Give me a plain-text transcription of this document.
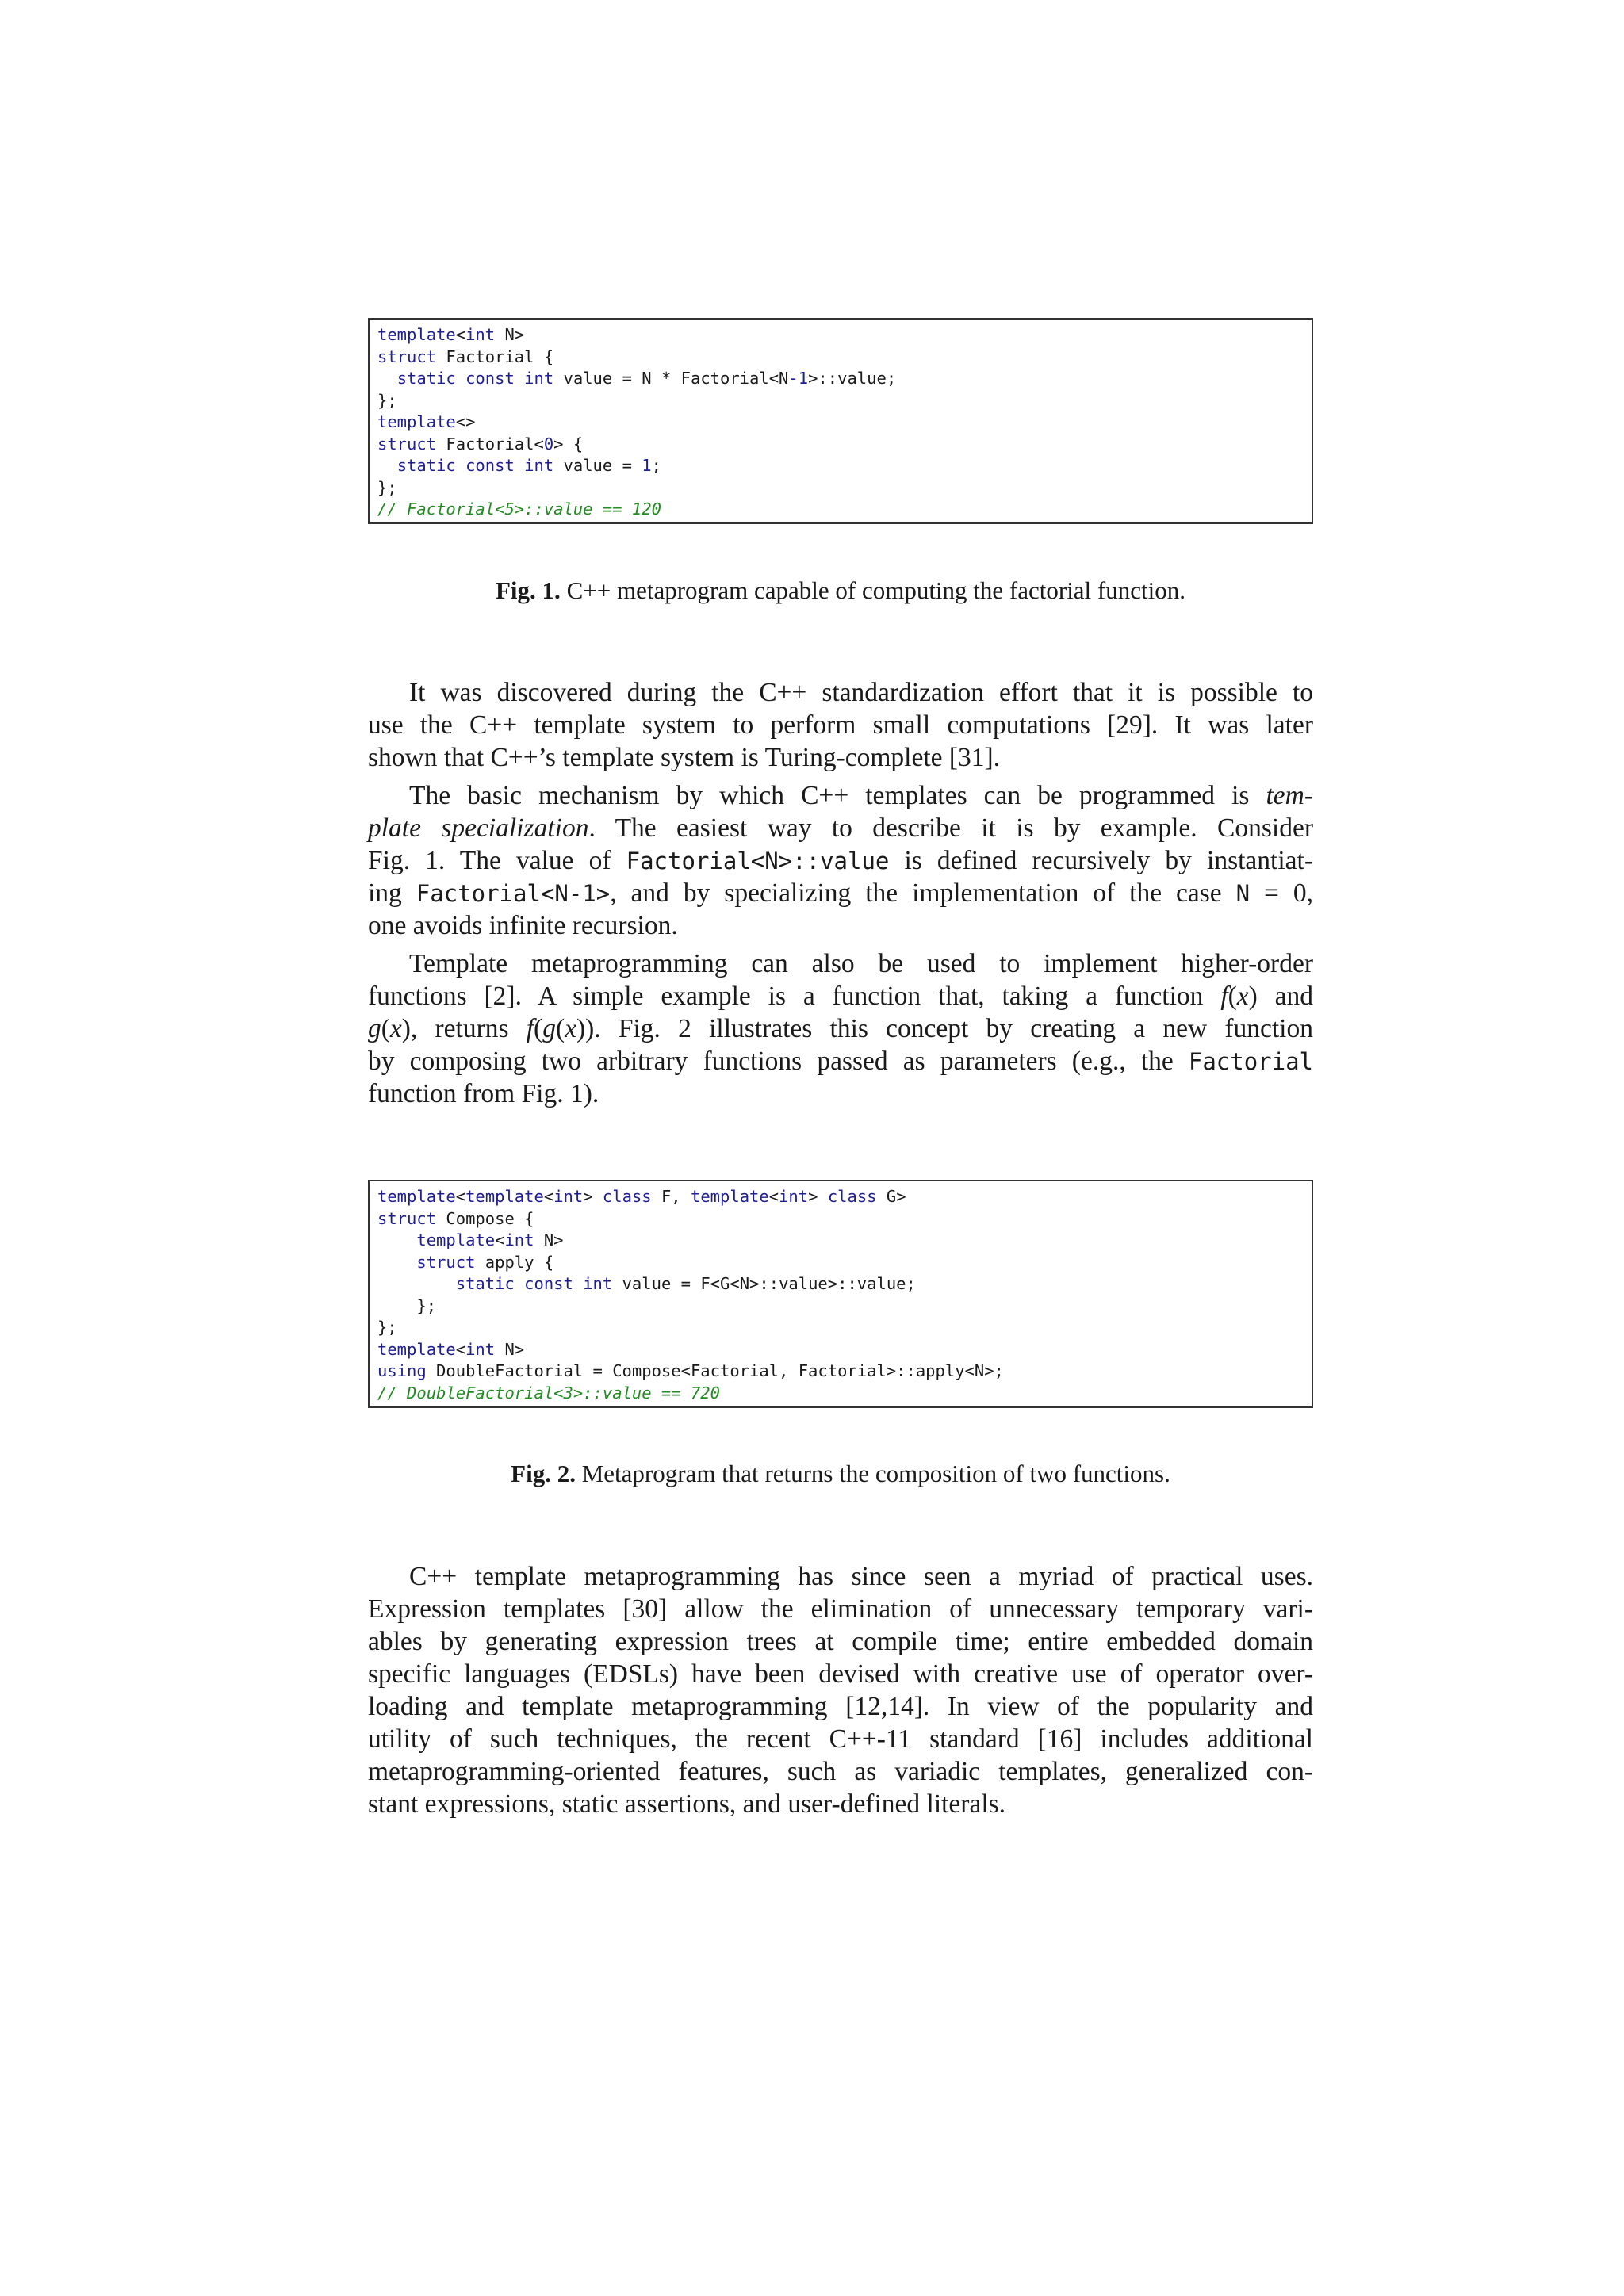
template<int N>
struct Factorial {
static const int value = N * Factorial<N-1>::value;
};
template<>
struct Factorial<0> {
static const int value = 1;
};
// Factorial<5>::value == 120
Fig. 1. C++ metaprogram capable of computing the factorial function.
It was discovered during the C++ standardization effort that it is possible to
use the C++ template system to perform small computations [29]. It was later
shown that C++’s template system is Turing-complete [31].
The basic mechanism by which C++ templates can be programmed is tem-
plate specialization. The easiest way to describe it is by example. Consider
Fig. 1. The value of Factorial<N>::value is defined recursively by instantiat-
ing Factorial<N-1>, and by specializing the implementation of the case N = 0,
one avoids infinite recursion.
Template metaprogramming can also be used to implement higher-order
functions [2]. A simple example is a function that, taking a function f(x) and
g(x), returns f(g(x)). Fig. 2 illustrates this concept by creating a new function
by composing two arbitrary functions passed as parameters (e.g., the Factorial
function from Fig. 1).
template<template<int> class F, template<int> class G>
struct Compose {
template<int N>
struct apply {
static const int value = F<G<N>::value>::value;
};
};
template<int N>
using DoubleFactorial = Compose<Factorial, Factorial>::apply<N>;
// DoubleFactorial<3>::value == 720
Fig. 2. Metaprogram that returns the composition of two functions.
C++ template metaprogramming has since seen a myriad of practical uses.
Expression templates [30] allow the elimination of unnecessary temporary vari-
ables by generating expression trees at compile time; entire embedded domain
specific languages (EDSLs) have been devised with creative use of operator over-
loading and template metaprogramming [12,14]. In view of the popularity and
utility of such techniques, the recent C++-11 standard [16] includes additional
metaprogramming-oriented features, such as variadic templates, generalized con-
stant expressions, static assertions, and user-defined literals.
